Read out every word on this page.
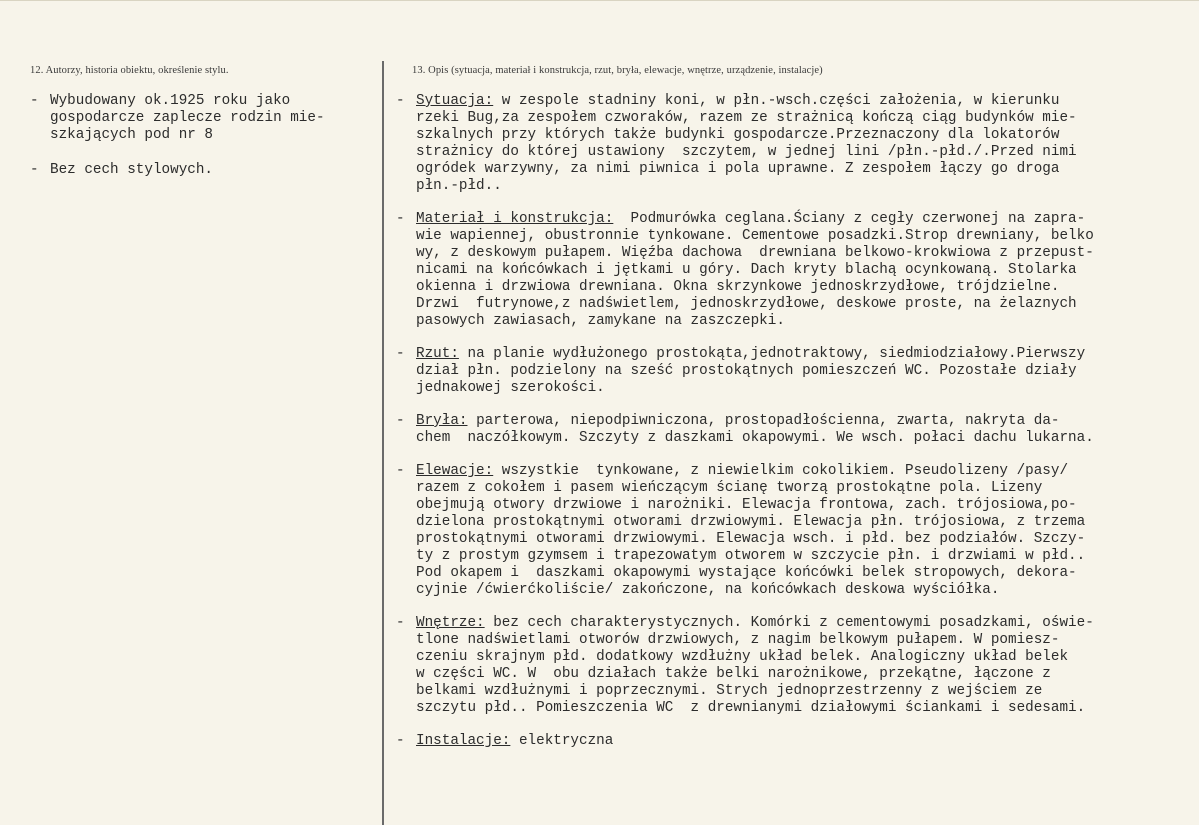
12. Autorzy, historia obiektu, określenie stylu.	13. Opis (sytuacja, materiał i konstrukcja, rzut, bryła, elewacje, wnętrze, urządzenie, instalacje)
- Wybudowany ok.1925 roku jako
gospodarcze zaplecze rodzin mie-
szkających pod nr 8
- Bez cech stylowych.
- Sytuacja: w zespole stadniny koni, w płn.-wsch.części założenia, w kierunku
rzeki Bug,za zespołem czworaków, razem ze strażnicą kończą ciąg budynków mie-
szkalnych przy których także budynki gospodarcze.Przeznaczony dla lokatorów
strażnicy do której ustawiony  szczytem, w jednej lini /płn.-płd./.Przed nimi
ogródek warzywny, za nimi piwnica i pola uprawne. Z zespołem łączy go droga
płn.-płd..
- Materiał i konstrukcja:  Podmurówka ceglana.Ściany z cegły czerwonej na zapra-
wie wapiennej, obustronnie tynkowane. Cementowe posadzki.Strop drewniany, belko
wy, z deskowym pułapem. Więźba dachowa  drewniana belkowo-krokwiowa z przepust-
nicami na końcówkach i jętkami u góry. Dach kryty blachą ocynkowaną. Stolarka
okienna i drzwiowa drewniana. Okna skrzynkowe jednoskrzydłowe, trójdzielne.
Drzwi  futrynowe,z nadświetlem, jednoskrzydłowe, deskowe proste, na żelaznych
pasowych zawiasach, zamykane na zaszczepki.
- Rzut: na planie wydłużonego prostokąta,jednotraktowy, siedmiodziałowy.Pierwszy
dział płn. podzielony na sześć prostokątnych pomieszczeń WC. Pozostałe działy
jednakowej szerokości.
- Bryła: parterowa, niepodpiwniczona, prostopadłościenna, zwarta, nakryta da-
chem  naczółkowym. Szczyty z daszkami okapowymi. We wsch. połaci dachu lukarna.
- Elewacje: wszystkie  tynkowane, z niewielkim cokolikiem. Pseudolizeny /pasy/
razem z cokołem i pasem wieńczącym ścianę tworzą prostokątne pola. Lizeny
obejmują otwory drzwiowe i narożniki. Elewacja frontowa, zach. trójosiowa,po-
dzielona prostokątnymi otworami drzwiowymi. Elewacja płn. trójosiowa, z trzema
prostokątnymi otworami drzwiowymi. Elewacja wsch. i płd. bez podziałów. Szczy-
ty z prostym gzymsem i trapezowatym otworem w szczycie płn. i drzwiami w płd..
Pod okapem i  daszkami okapowymi wystające końcówki belek stropowych, dekora-
cyjnie /ćwierćkoliście/ zakończone, na końcówkach deskowa wyściółka.
- Wnętrze: bez cech charakterystycznych. Komórki z cementowymi posadzkami, oświe-
tlone nadświetlami otworów drzwiowych, z nagim belkowym pułapem. W pomiesz-
czeniu skrajnym płd. dodatkowy wzdłużny układ belek. Analogiczny układ belek
w części WC. W  obu działach także belki narożnikowe, przekątne, łączone z
belkami wzdłużnymi i poprzecznymi. Strych jednoprzestrzenny z wejściem ze
szczytu płd.. Pomieszczenia WC  z drewnianymi działowymi ściankami i sedesami.
- Instalacje: elektryczna
